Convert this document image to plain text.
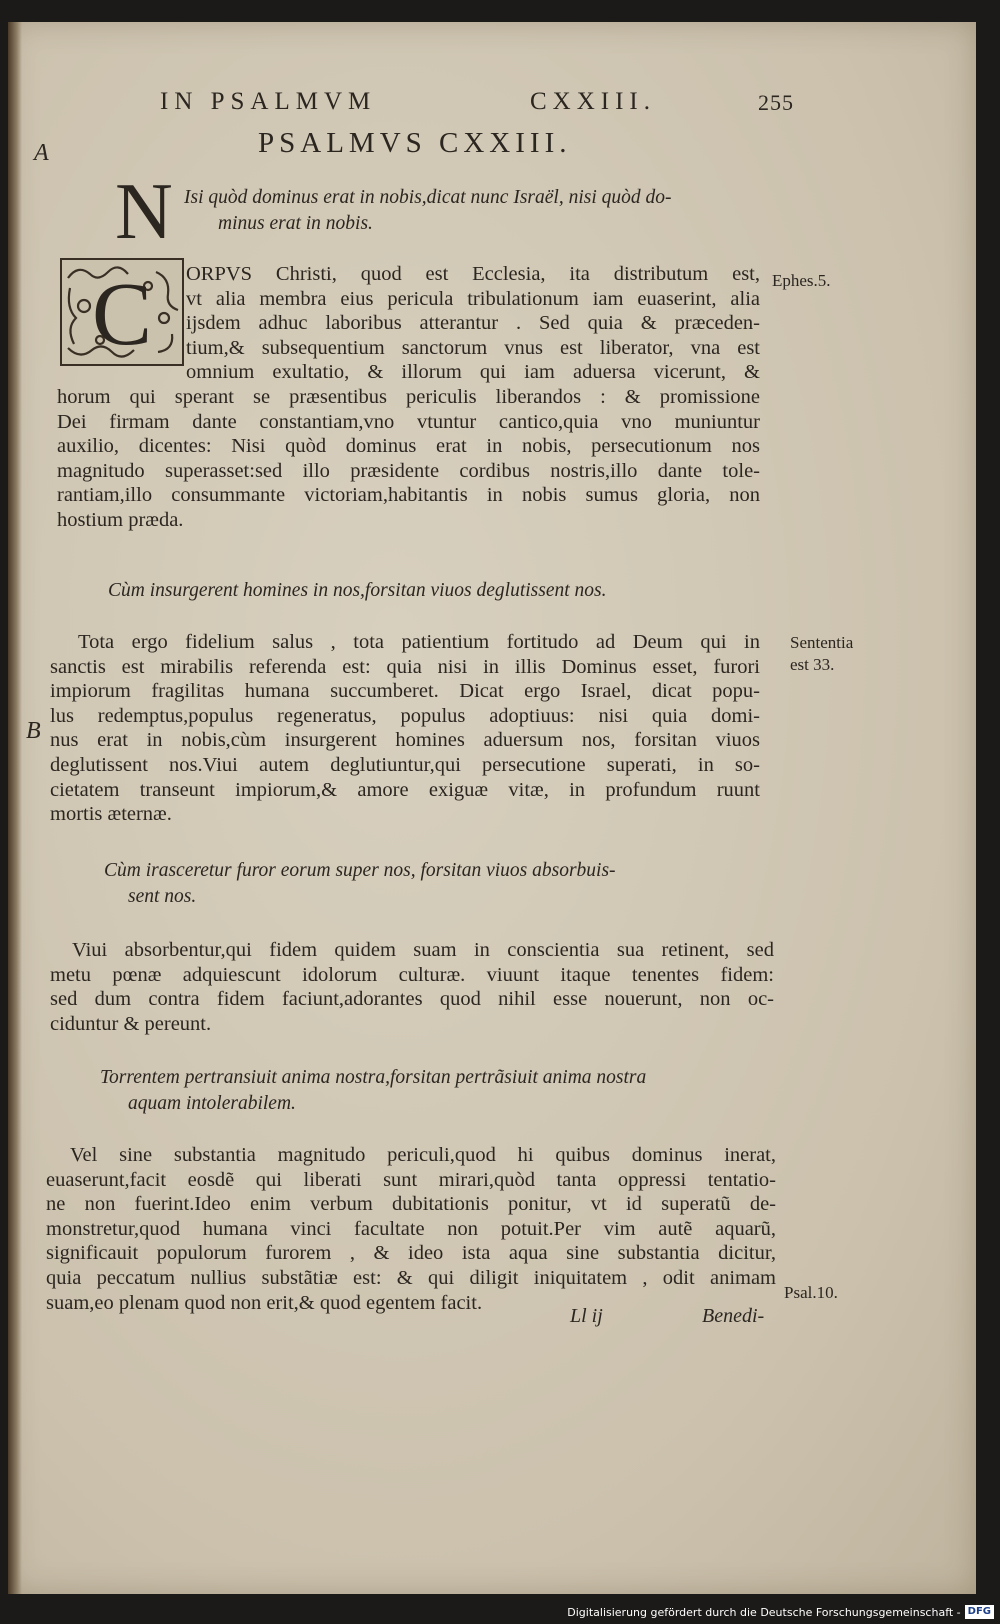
IN PSALMVM	CXXIII.	255
A
B
PSALMVS CXXIII.
N Isi quòd dominus erat in nobis,dicat nunc Israël, nisi quòd do-
minus erat in nobis.
C ORPVS Christi, quod est Ecclesia, ita distributum est,
vt alia membra eius pericula tribulationum iam euaserint, alia
ijsdem adhuc laboribus atterantur . Sed quia & præceden-
tium,& subsequentium sanctorum vnus est liberator, vna est
omnium exultatio, & illorum qui iam aduersa vicerunt, &
horum qui sperant se præsentibus periculis liberandos : & promissione
Dei firmam dante constantiam,vno vtuntur cantico,quia vno muniuntur
auxilio, dicentes: Nisi quòd dominus erat in nobis, persecutionum nos
magnitudo superasset:sed illo præsidente cordibus nostris,illo dante tole-
rantiam,illo consummante victoriam,habitantis in nobis sumus gloria, non
hostium præda.
Ephes.5.
Cùm insurgerent homines in nos,forsitan viuos deglutissent nos.
Tota ergo fidelium salus , tota patientium fortitudo ad Deum qui in
sanctis est mirabilis referenda est: quia nisi in illis Dominus esset, furori
impiorum fragilitas humana succumberet. Dicat ergo Israel, dicat popu-
lus redemptus,populus regeneratus, populus adoptiuus: nisi quia domi-
nus erat in nobis,cùm insurgerent homines aduersum nos, forsitan viuos
deglutissent nos.Viui autem deglutiuntur,qui persecutione superati, in so-
cietatem transeunt impiorum,& amore exiguæ vitæ, in profundum ruunt
mortis æternæ.
Sententia
est 33.
Cùm irasceretur furor eorum super nos, forsitan viuos absorbuis-
sent nos.
Viui absorbentur,qui fidem quidem suam in conscientia sua retinent, sed
metu pœnæ adquiescunt idolorum culturæ. viuunt itaque tenentes fidem:
sed dum contra fidem faciunt,adorantes quod nihil esse nouerunt, non oc-
ciduntur & pereunt.
Torrentem pertransiuit anima nostra,forsitan pertrãsiuit anima nostra
aquam intolerabilem.
Vel sine substantia magnitudo periculi,quod hi quibus dominus inerat,
euaserunt,facit eosdẽ qui liberati sunt mirari,quòd tanta oppressi tentatio-
ne non fuerint.Ideo enim verbum dubitationis ponitur, vt id superatũ de-
monstretur,quod humana vinci facultate non potuit.Per vim autẽ aquarũ,
significauit populorum furorem , & ideo ista aqua sine substantia dicitur,
quia peccatum nullius substãtiæ est: & qui diligit iniquitatem , odit animam
suam,eo plenam quod non erit,& quod egentem facit.	Psal.10.
Ll ij	Benedi-
Digitalisierung gefördert durch die Deutsche Forschungsgemeinschaft - DFG
